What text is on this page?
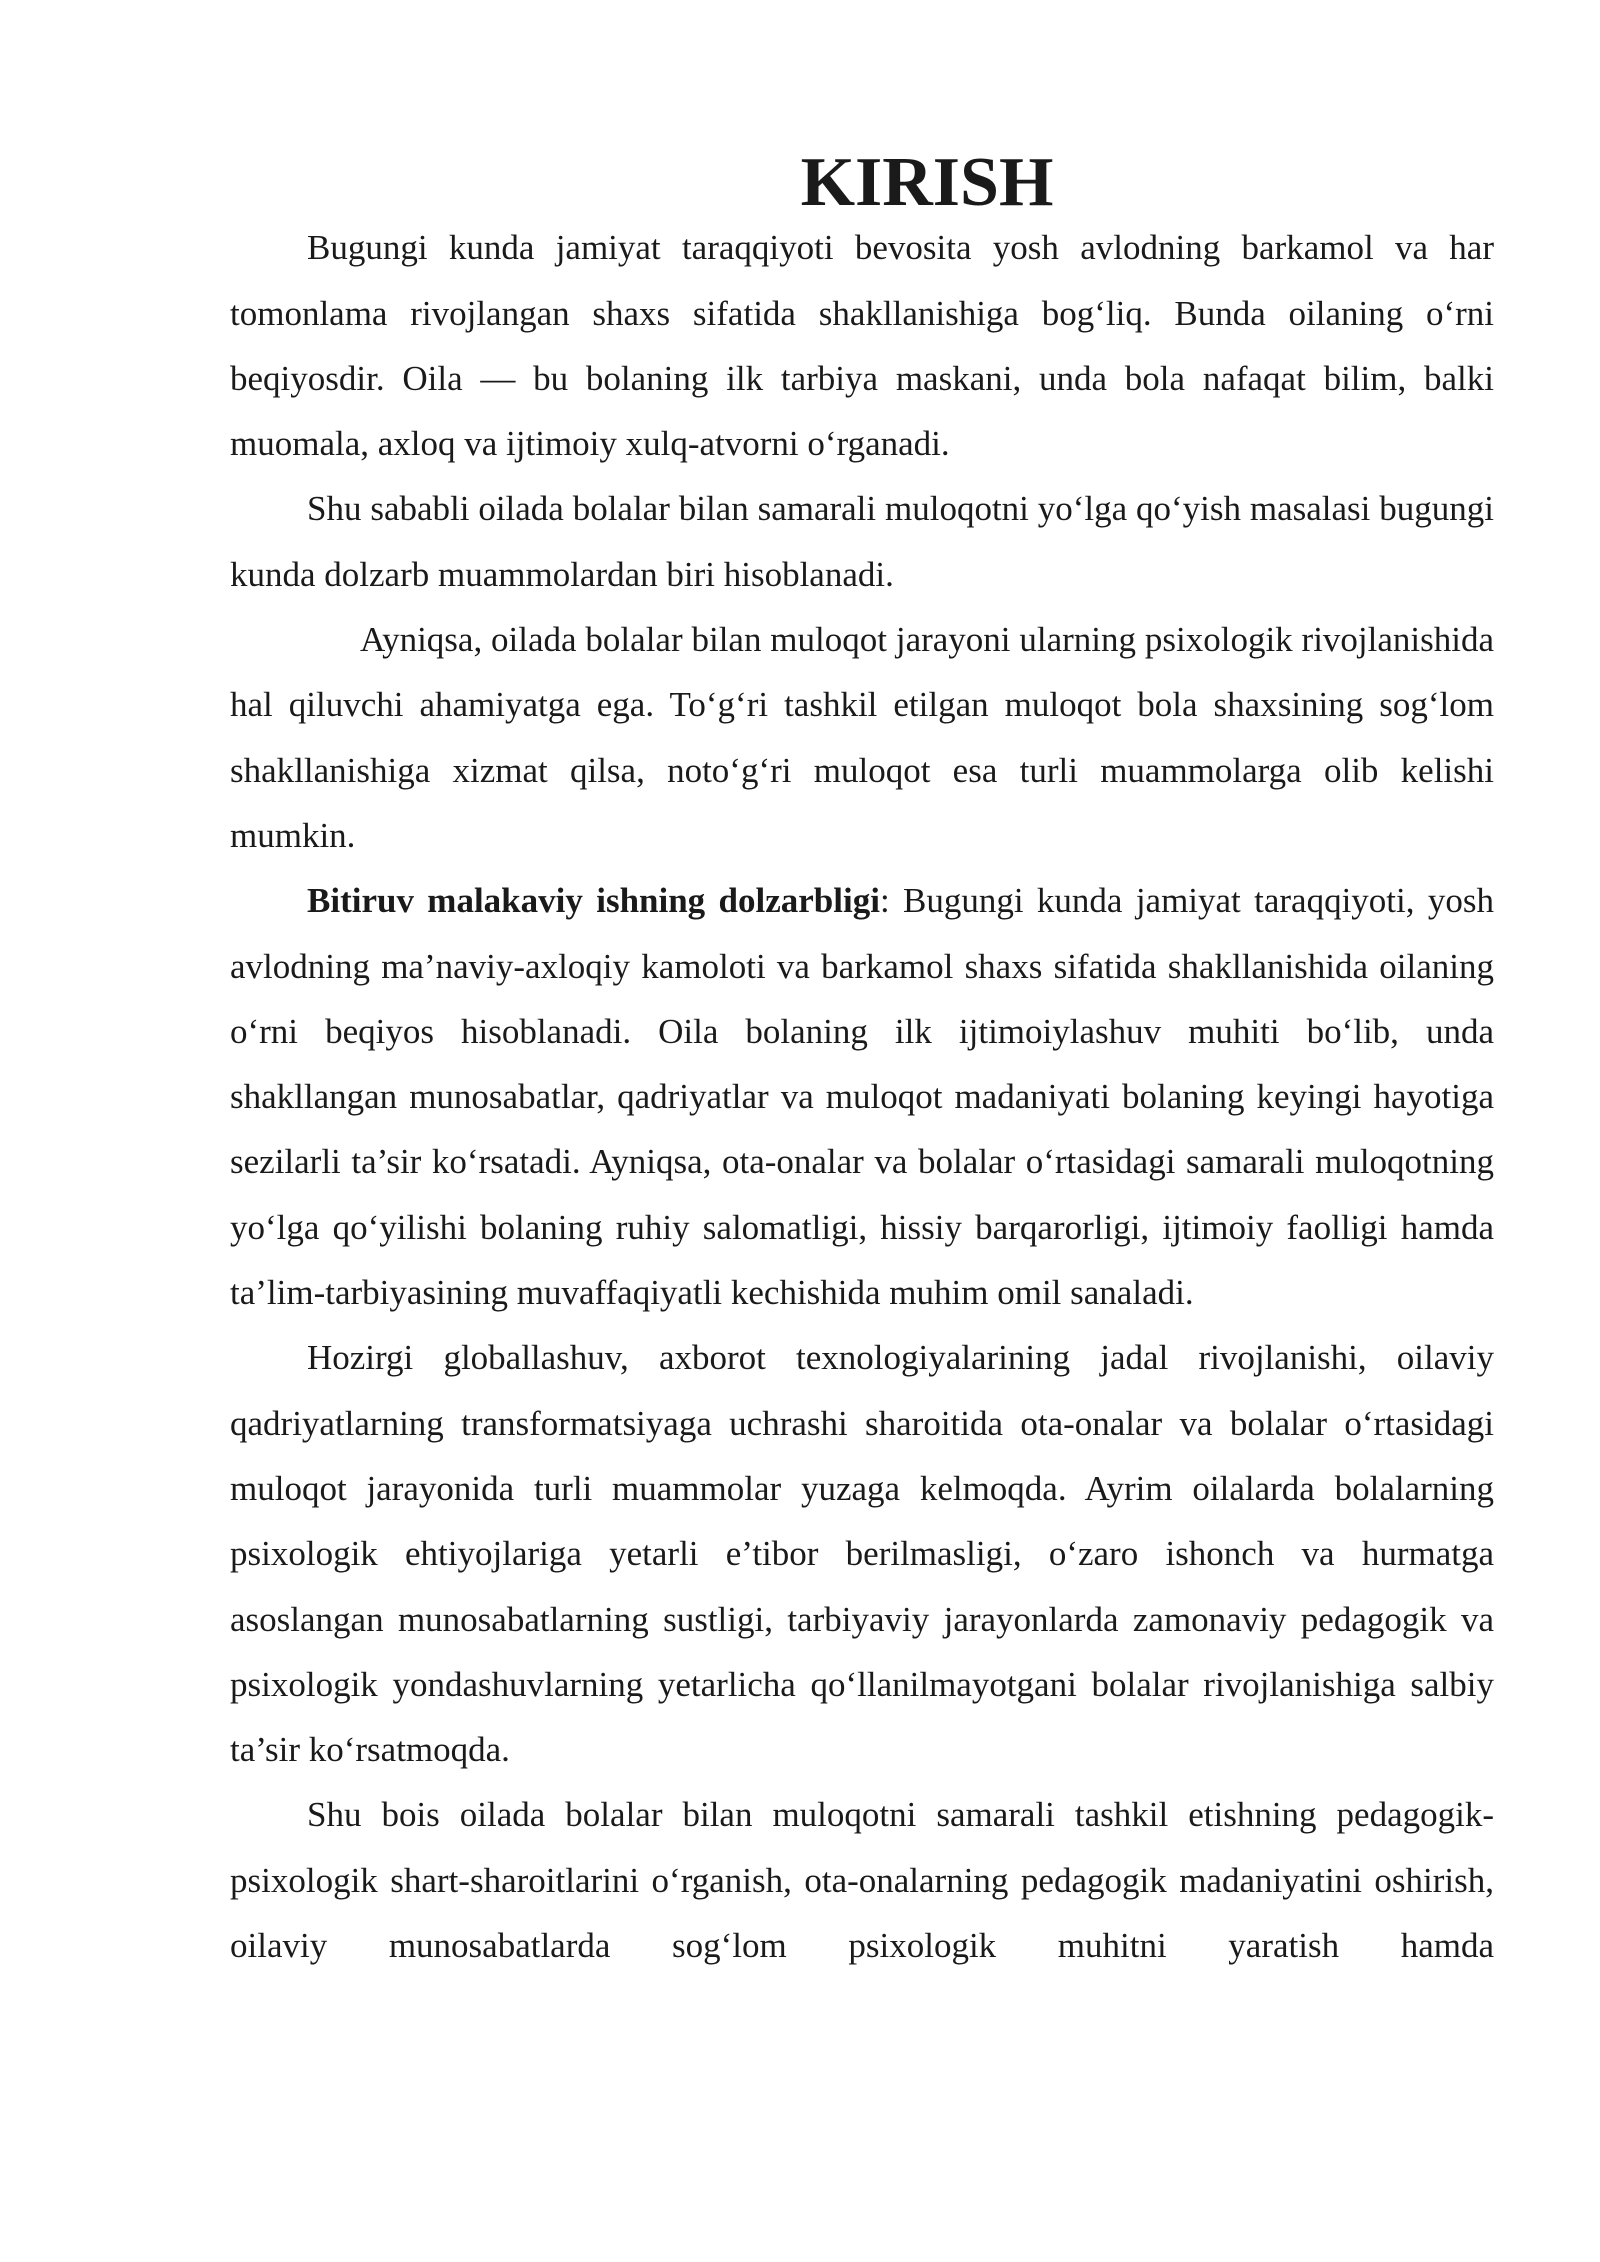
KIRISH

Bugungi kunda jamiyat taraqqiyoti bevosita yosh avlodning barkamol va har tomonlama rivojlangan shaxs sifatida shakllanishiga bog‘liq. Bunda oilaning o‘rni beqiyosdir. Oila — bu bolaning ilk tarbiya maskani, unda bola nafaqat bilim, balki muomala, axloq va ijtimoiy xulq-atvorni o‘rganadi.

Shu sababli oilada bolalar bilan samarali muloqotni yo‘lga qo‘yish masalasi bugungi kunda dolzarb muammolardan biri hisoblanadi.

Ayniqsa, oilada bolalar bilan muloqot jarayoni ularning psixologik rivojlanishida hal qiluvchi ahamiyatga ega. To‘g‘ri tashkil etilgan muloqot bola shaxsining sog‘lom shakllanishiga xizmat qilsa, noto‘g‘ri muloqot esa turli muammolarga olib kelishi mumkin.

Bitiruv malakaviy ishning dolzarbligi: Bugungi kunda jamiyat taraqqiyoti, yosh avlodning ma’naviy-axloqiy kamoloti va barkamol shaxs sifatida shakllanishida oilaning o‘rni beqiyos hisoblanadi. Oila bolaning ilk ijtimoiylashuv muhiti bo‘lib, unda shakllangan munosabatlar, qadriyatlar va muloqot madaniyati bolaning keyingi hayotiga sezilarli ta’sir ko‘rsatadi. Ayniqsa, ota-onalar va bolalar o‘rtasidagi samarali muloqotning yo‘lga qo‘yilishi bolaning ruhiy salomatligi, hissiy barqarorligi, ijtimoiy faolligi hamda ta’lim-tarbiyasining muvaffaqiyatli kechishida muhim omil sanaladi.

Hozirgi globallashuv, axborot texnologiyalarining jadal rivojlanishi, oilaviy qadriyatlarning transformatsiyaga uchrashi sharoitida ota-onalar va bolalar o‘rtasidagi muloqot jarayonida turli muammolar yuzaga kelmoqda. Ayrim oilalarda bolalarning psixologik ehtiyojlariga yetarli e’tibor berilmasligi, o‘zaro ishonch va hurmatga asoslangan munosabatlarning sustligi, tarbiyaviy jarayonlarda zamonaviy pedagogik va psixologik yondashuvlarning yetarlicha qo‘llanilmayotgani bolalar rivojlanishiga salbiy ta’sir ko‘rsatmoqda.

Shu bois oilada bolalar bilan muloqotni samarali tashkil etishning pedagogik-psixologik shart-sharoitlarini o‘rganish, ota-onalarning pedagogik madaniyatini oshirish, oilaviy munosabatlarda sog‘lom psixologik muhitni yaratish hamda
